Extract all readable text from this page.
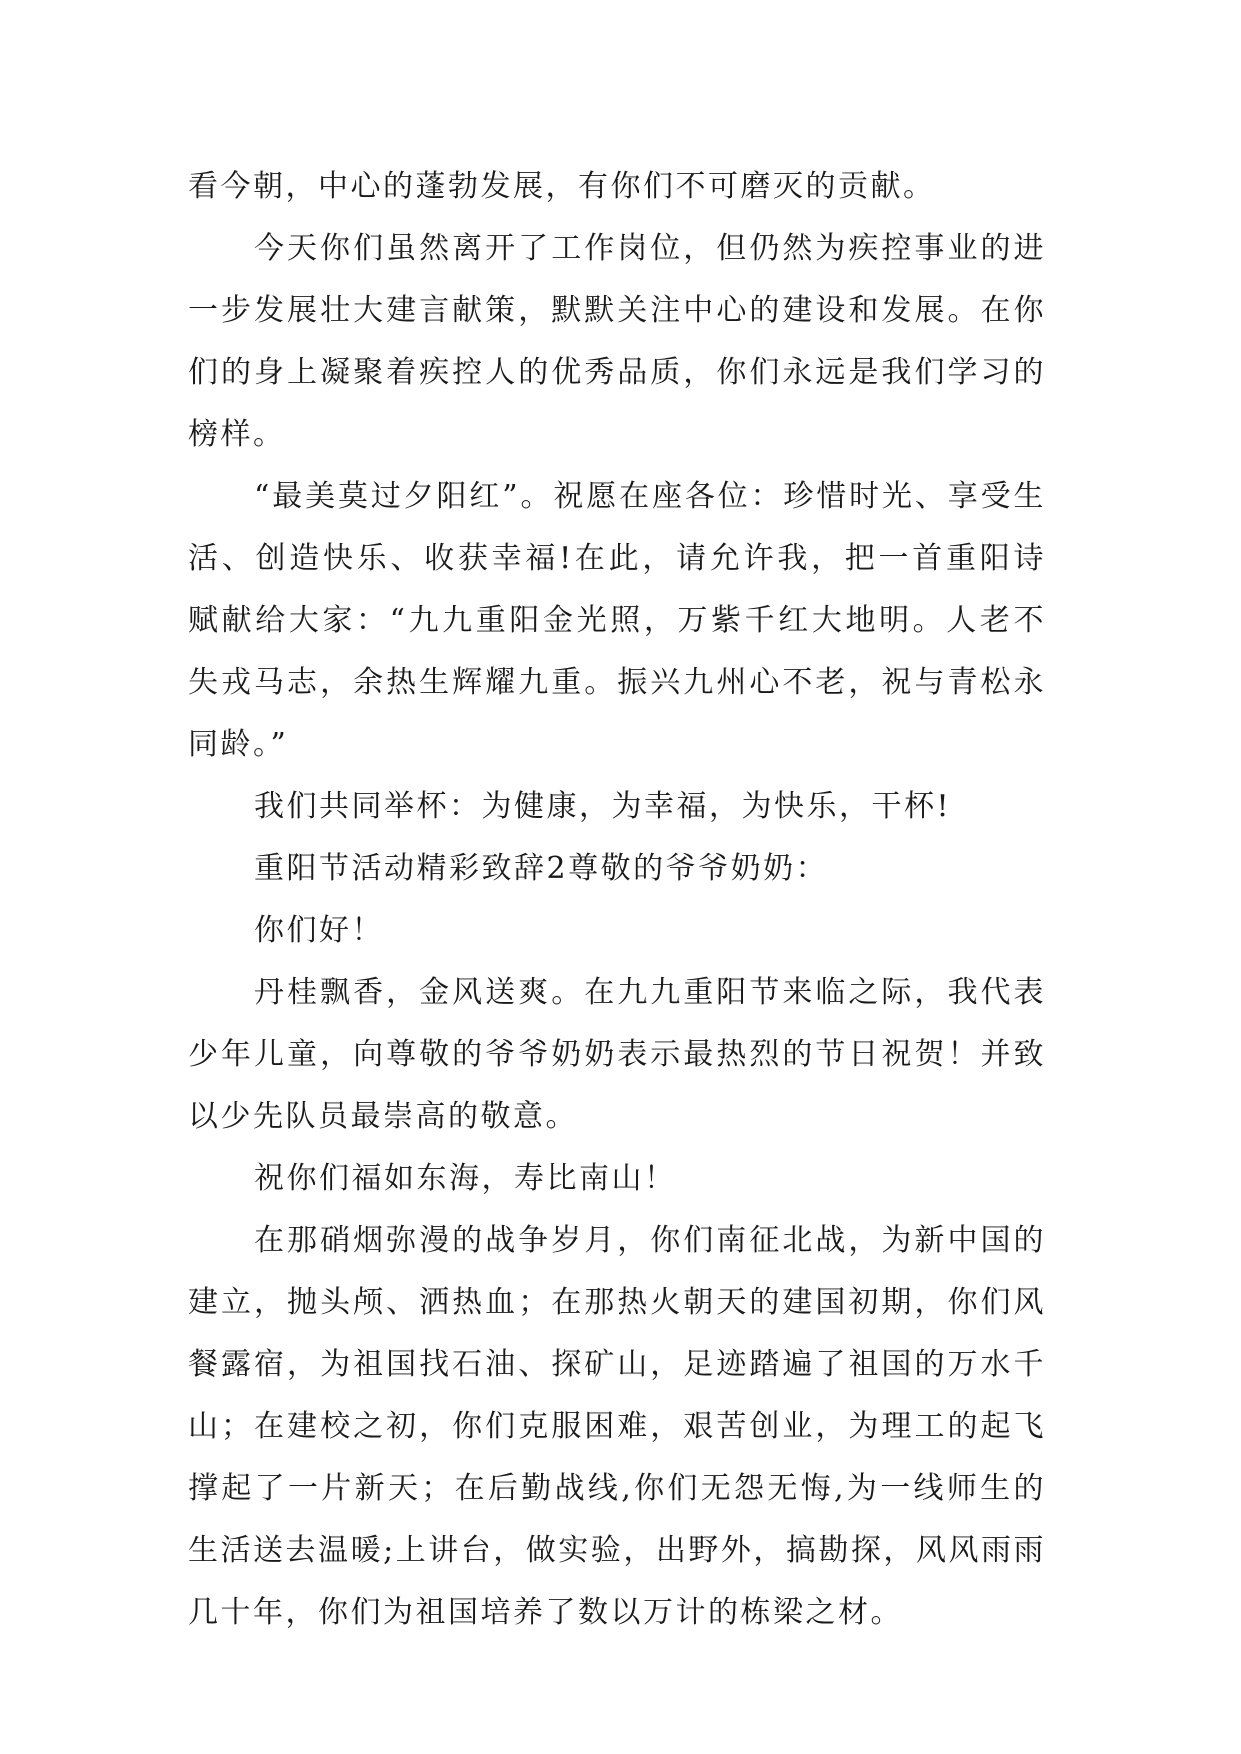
看今朝，中心的蓬勃发展，有你们不可磨灭的贡献。

今天你们虽然离开了工作岗位，但仍然为疾控事业的进一步发展壮大建言献策，默默关注中心的建设和发展。在你们的身上凝聚着疾控人的优秀品质，你们永远是我们学习的榜样。

“最美莫过夕阳红”。祝愿在座各位：珍惜时光、享受生活、创造快乐、收获幸福!在此，请允许我，把一首重阳诗赋献给大家：“九九重阳金光照，万紫千红大地明。人老不失戎马志，余热生辉耀九重。振兴九州心不老，祝与青松永同龄。”

我们共同举杯：为健康，为幸福，为快乐，干杯!

重阳节活动精彩致辞2尊敬的爷爷奶奶：

你们好！

丹桂飘香，金风送爽。在九九重阳节来临之际，我代表少年儿童，向尊敬的爷爷奶奶表示最热烈的节日祝贺！并致以少先队员最崇高的敬意。

祝你们福如东海，寿比南山！

在那硝烟弥漫的战争岁月，你们南征北战，为新中国的建立，抛头颅、洒热血；在那热火朝天的建国初期，你们风餐露宿，为祖国找石油、探矿山，足迹踏遍了祖国的万水千山；在建校之初，你们克服困难，艰苦创业，为理工的起飞撑起了一片新天；在后勤战线,你们无怨无悔,为一线师生的生活送去温暖;上讲台，做实验，出野外，搞勘探，风风雨雨几十年，你们为祖国培养了数以万计的栋梁之材。
